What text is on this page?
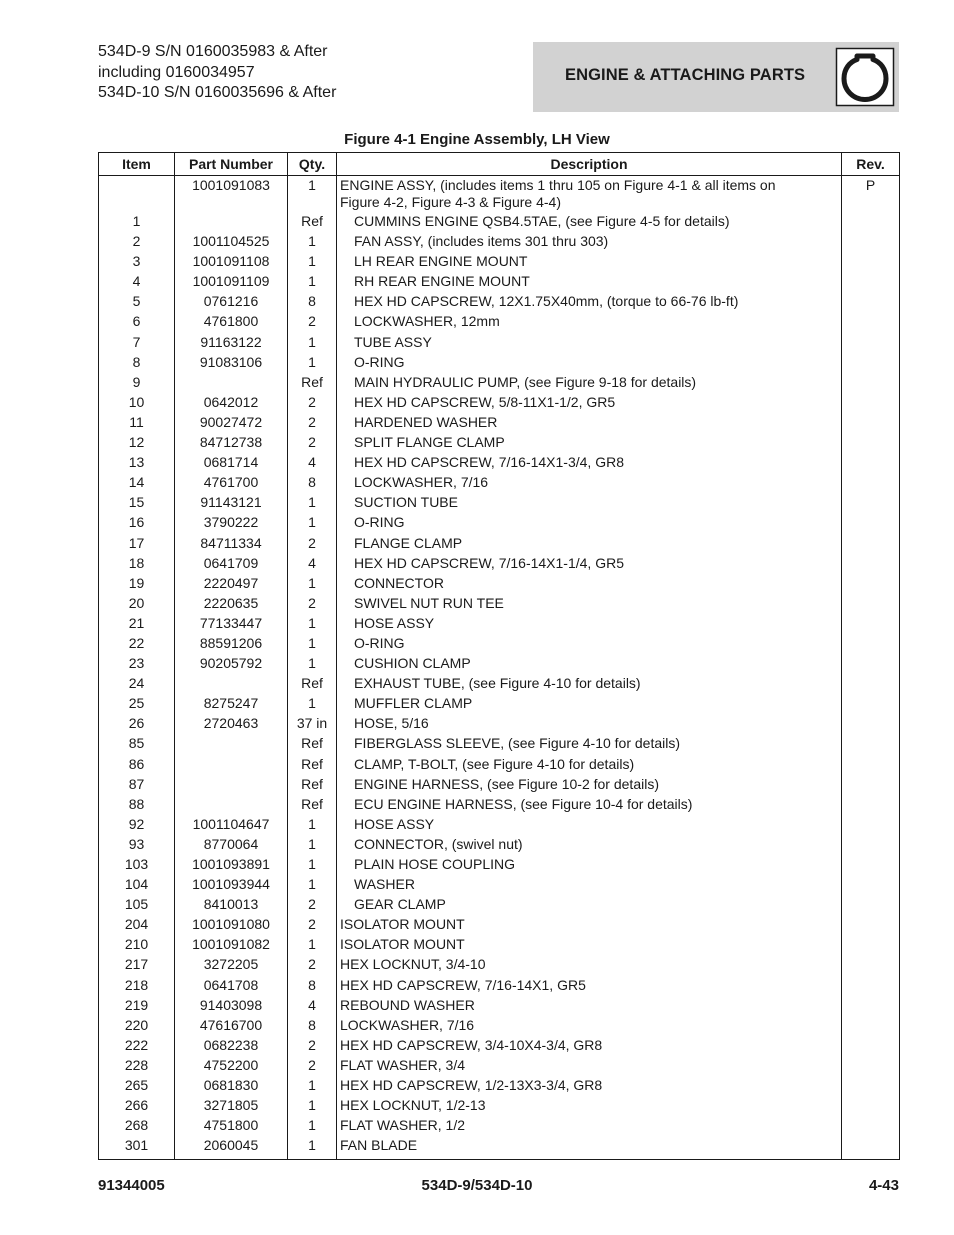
534D-9 S/N 0160035983 & After
including 0160034957
534D-10 S/N 0160035696 & After
ENGINE & ATTACHING PARTS
Figure 4-1 Engine Assembly, LH View
Item	Part Number	Qty.	Description	Rev.
	1001091083	1	ENGINE ASSY, (includes items 1 thru 105 on Figure 4-1 & all items on
Figure 4-2, Figure 4-3 & Figure 4-4)	P
1		Ref	CUMMINS ENGINE QSB4.5TAE, (see Figure 4-5 for details)	

2	1001104525	1	FAN ASSY, (includes items 301 thru 303)	

3	1001091108	1	LH REAR ENGINE MOUNT	

4	1001091109	1	RH REAR ENGINE MOUNT	

5	0761216	8	HEX HD CAPSCREW, 12X1.75X40mm, (torque to 66-76 lb-ft)	

6	4761800	2	LOCKWASHER, 12mm	

7	91163122	1	TUBE ASSY	

8	91083106	1	O-RING	

9		Ref	MAIN HYDRAULIC PUMP, (see Figure 9-18 for details)	

10	0642012	2	HEX HD CAPSCREW, 5/8-11X1-1/2, GR5	

11	90027472	2	HARDENED WASHER	

12	84712738	2	SPLIT FLANGE CLAMP	

13	0681714	4	HEX HD CAPSCREW, 7/16-14X1-3/4, GR8	

14	4761700	8	LOCKWASHER, 7/16	

15	91143121	1	SUCTION TUBE	

16	3790222	1	O-RING	

17	84711334	2	FLANGE CLAMP	

18	0641709	4	HEX HD CAPSCREW, 7/16-14X1-1/4, GR5	

19	2220497	1	CONNECTOR	

20	2220635	2	SWIVEL NUT RUN TEE	

21	77133447	1	HOSE ASSY	

22	88591206	1	O-RING	

23	90205792	1	CUSHION CLAMP	

24		Ref	EXHAUST TUBE, (see Figure 4-10 for details)	

25	8275247	1	MUFFLER CLAMP	

26	2720463	37 in	HOSE, 5/16	

85		Ref	FIBERGLASS SLEEVE, (see Figure 4-10 for details)	

86		Ref	CLAMP, T-BOLT, (see Figure 4-10 for details)	

87		Ref	ENGINE HARNESS, (see Figure 10-2 for details)	

88		Ref	ECU ENGINE HARNESS, (see Figure 10-4 for details)	

92	1001104647	1	HOSE ASSY	

93	8770064	1	CONNECTOR, (swivel nut)	

103	1001093891	1	PLAIN HOSE COUPLING	

104	1001093944	1	WASHER	

105	8410013	2	GEAR CLAMP	

204	1001091080	2	ISOLATOR MOUNT	

210	1001091082	1	ISOLATOR MOUNT	

217	3272205	2	HEX LOCKNUT, 3/4-10	

218	0641708	8	HEX HD CAPSCREW, 7/16-14X1, GR5	

219	91403098	4	REBOUND WASHER	

220	47616700	8	LOCKWASHER, 7/16	

222	0682238	2	HEX HD CAPSCREW, 3/4-10X4-3/4, GR8	

228	4752200	2	FLAT WASHER, 3/4	

265	0681830	1	HEX HD CAPSCREW, 1/2-13X3-3/4, GR8	

266	3271805	1	HEX LOCKNUT, 1/2-13	

268	4751800	1	FLAT WASHER, 1/2	

301	2060045	1	FAN BLADE	

91344005	534D-9/534D-10	4-43
